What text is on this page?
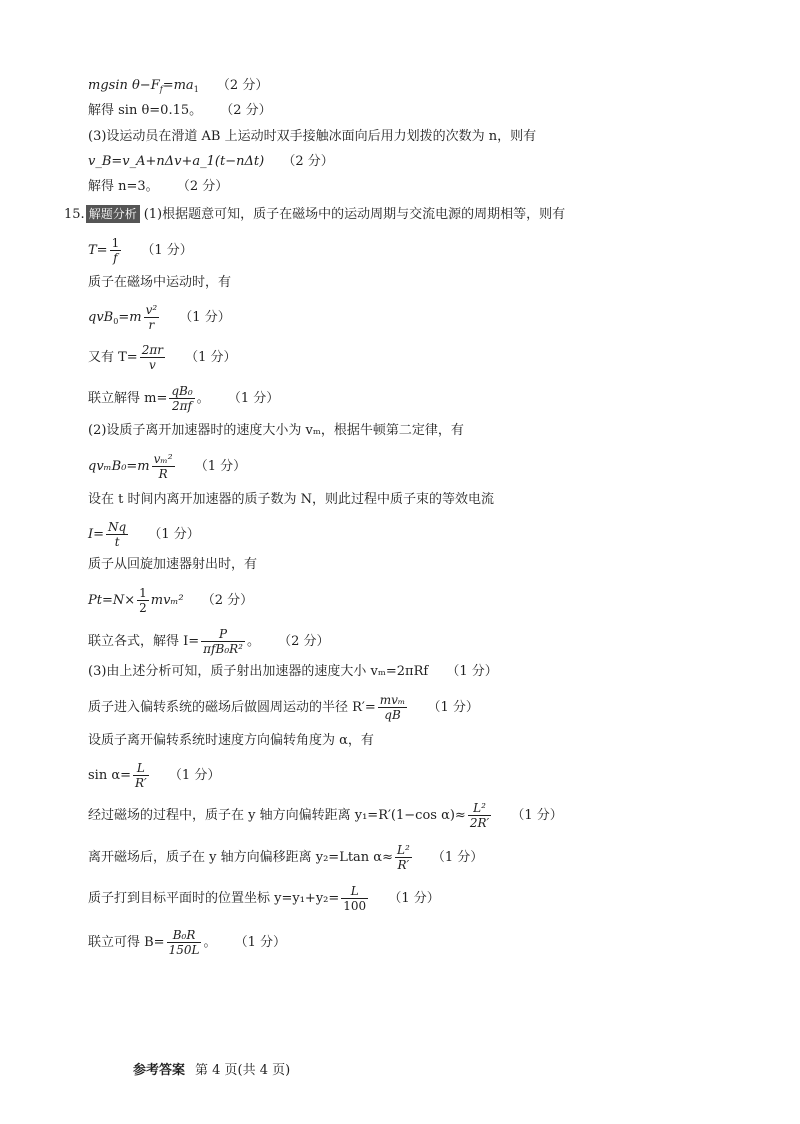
mgsin $\theta-F_f=ma_1$ （2 分）
解得 sin θ=0.15。 （2 分）
(3)设运动员在滑道 AB 上运动时双手接触冰面向后用力划拨的次数为 n，则有
v_B=v_A+nΔv+a_1(t−nΔt) （2 分）
解得 n=3。 （2 分）
15. 解题分析 (1)根据题意可知，质子在磁场中的运动周期与交流电源的周期相等，则有
$T= \frac{1}{f} (1$ 分）
质子在磁场中运动时，有
$qvB_0=m \frac{\text{v²}}{r} (1$ 分）
又有 $T= \frac{2\pi r}{v} (1$ 分）
联立解得 $m= \frac{\text{qB₀}}{2\pi f}$ 。 （1 分）
(2)设质子离开加速器时的速度大小为 vₘ，根据牛顿第二定律，有
$qv_mB_0=m \frac{\text{vₘ²}}{R} (1$ 分）
设在 t 时间内离开加速器的质子数为 N，则此过程中质子束的等效电流
$I= \frac{Nq}{t} (1$ 分）
质子从回旋加速器射出时，有
$Pt=N\times \frac{1}{2} mv_m^2$ （2 分）
联立各式，解得 $I= \frac{P}{\text{πfB₀R²}}$ 。 （2 分）
(3)由上述分析可知，质子射出加速器的速度大小 vₘ=2πRf （1 分）
质子进入偏转系统的磁场后做圆周运动的半径 $R'= \frac{\text{mvₘ}}{qB} (1$ 分）
设质子离开偏转系统时速度方向偏转角度为 α，有
$\sin \alpha= \frac{L}{R'} (1$ 分）
经过磁场的过程中，质子在 y 轴方向偏转距离 y₁=R′(1−cos $\alpha)\approx \frac{\text{L²}}{2R'} (1$ 分）
离开磁场后，质子在 y 轴方向偏移距离 y₂=Ltan $\alpha\approx \frac{\text{L²}}{R'} (1$ 分）
质子打到目标平面时的位置坐标 $y=y_1+y_2= \frac{L}{100} (1$ 分）
联立可得 $B= \frac{\text{B₀R}}{150L}$ 。 （1 分）
参考答案 第 4 页(共 4 页)
